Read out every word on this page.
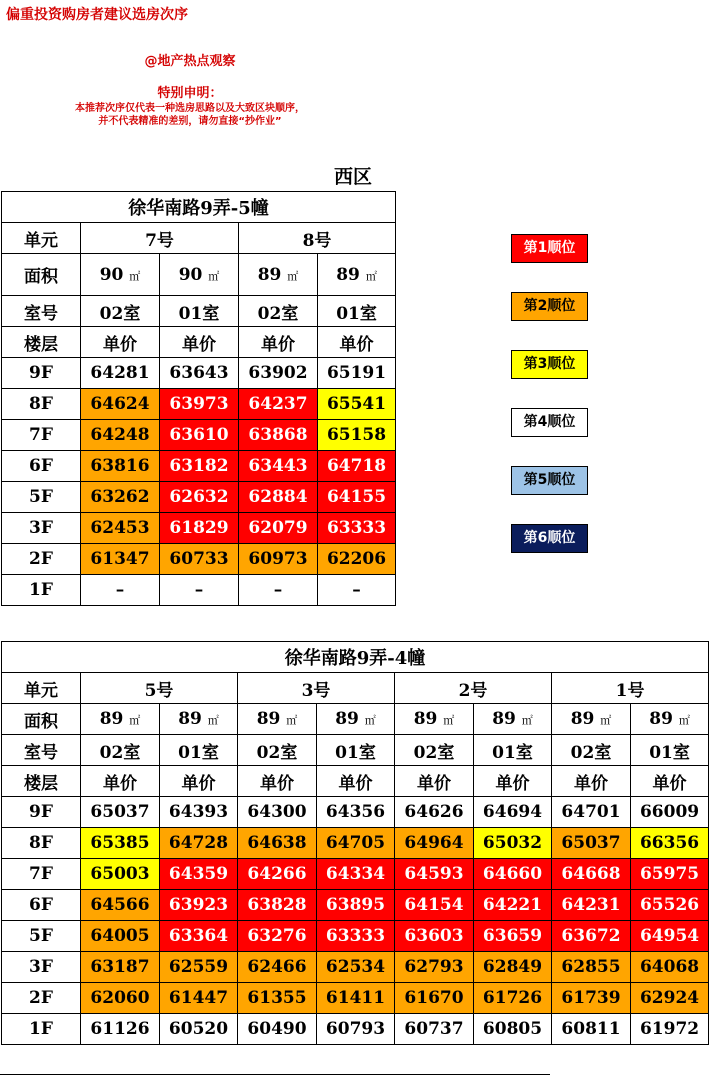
偏重投资购房者建议选房次序
@地产热点观察
特别申明：
本推荐次序仅代表一种选房思路以及大致区块顺序，
并不代表精准的差别，请勿直接“抄作业”
西区
徐华南路9弄-5幢				
单元	7号		8号	
面积	90 ㎡	90 ㎡	89 ㎡	89 ㎡
室号	02室	01室	02室	01室
楼层	单价	单价	单价	单价
9F	64281	63643	63902	65191
8F	64624	63973	64237	65541
7F	64248	63610	63868	65158
6F	63816	63182	63443	64718
5F	63262	62632	62884	64155
3F	62453	61829	62079	63333
2F	61347	60733	60973	62206
1F	–	–	–	–
徐华南路9弄-4幢								
单元	5号		3号		2号		1号	
面积	89 ㎡	89 ㎡	89 ㎡	89 ㎡	89 ㎡	89 ㎡	89 ㎡	89 ㎡
室号	02室	01室	02室	01室	02室	01室	02室	01室
楼层	单价	单价	单价	单价	单价	单价	单价	单价
9F	65037	64393	64300	64356	64626	64694	64701	66009
8F	65385	64728	64638	64705	64964	65032	65037	66356
7F	65003	64359	64266	64334	64593	64660	64668	65975
6F	64566	63923	63828	63895	64154	64221	64231	65526
5F	64005	63364	63276	63333	63603	63659	63672	64954
3F	63187	62559	62466	62534	62793	62849	62855	64068
2F	62060	61447	61355	61411	61670	61726	61739	62924
1F	61126	60520	60490	60793	60737	60805	60811	61972
第1顺位
第2顺位
第3顺位
第4顺位
第5顺位
第6顺位
